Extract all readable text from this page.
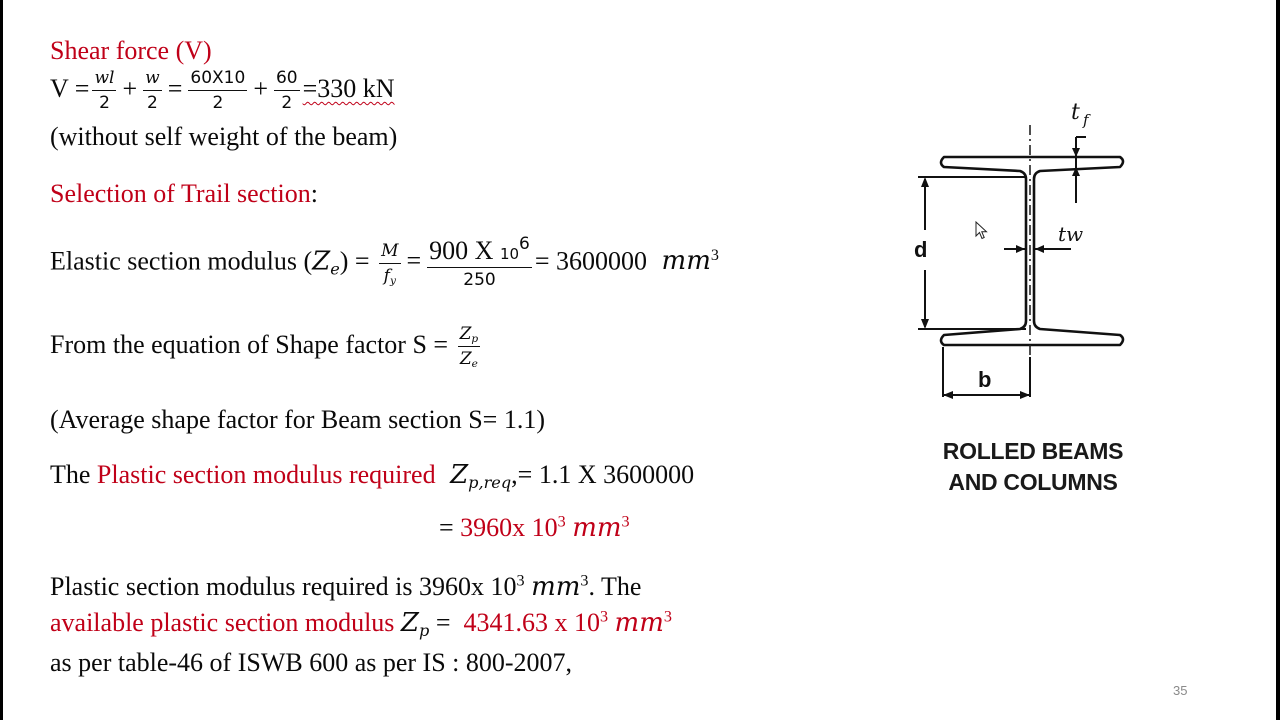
Shear force (V)
$V = \frac{wl}{2} + \frac{w}{2} = \frac{60X10}{2} + \frac{60}{2} =330$ kN
(without self weight of the beam)
Selection of Trail section:
Elastic section modulus $(Z_e) = \frac{M}{f_y} = \frac{900 X 10^6}{250} = 3600000$ $mm^3$
From the equation of Shape factor $S = \frac{Z_p}{Z_e}$
(Average shape factor for Beam section S= 1.1)
The Plastic section modulus required $Z_{p,req},= 1.1$ X 3600000
= 3960x $10^3$ $mm^3$
Plastic section modulus required is 3960x $10^3$ $mm^3$. The
available plastic section modulus $Z_p = 4341.63$ x $10^3$ $mm^3$
as per table-46 of ISWB 600 as per IS : 800-2007,
d
b
tw
t f
ROLLED BEAMS
AND COLUMNS
35
